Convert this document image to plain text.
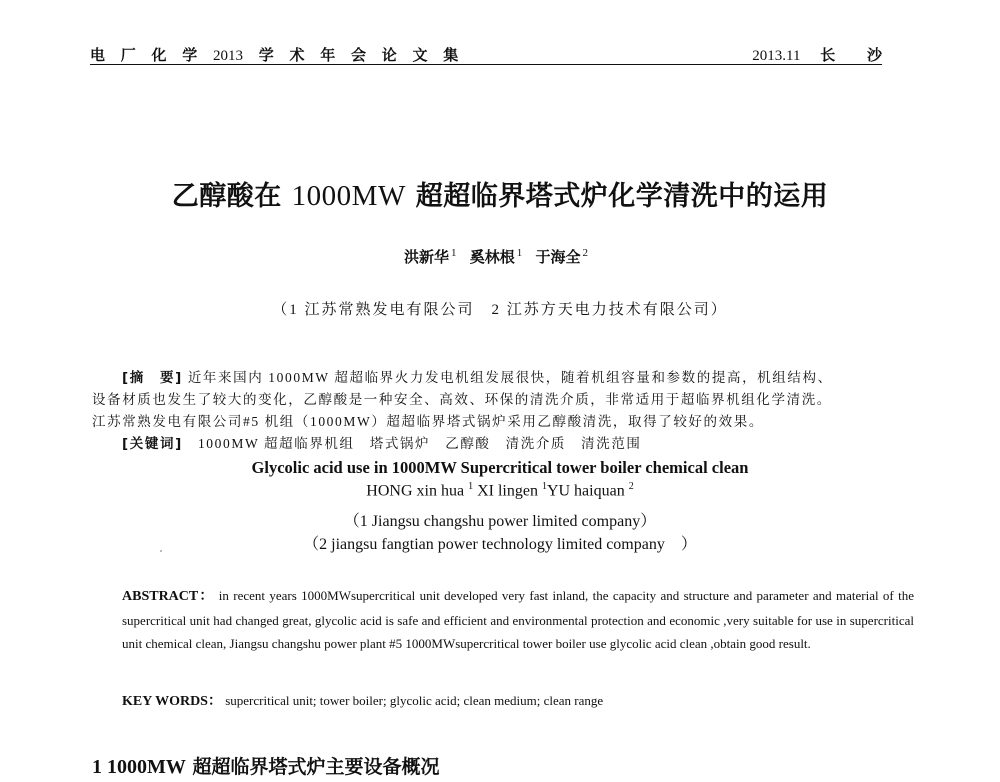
电 厂 化 学 2013 学 术 年 会 论 文 集	2013.11 长 沙
乙醇酸在 1000MW 超超临界塔式炉化学清洗中的运用
洪新华 $^1$ 奚林根 $^1$ 于海全 $^2$
（1 江苏常熟发电有限公司　2 江苏方天电力技术有限公司）

[摘　要] 近年来国内 1000MW 超超临界火力发电机组发展很快，随着机组容量和参数的提高，机组结构、

设备材质也发生了较大的变化，乙醇酸是一种安全、高效、环保的清洗介质，非常适用于超临界机组化学清洗。

江苏常熟发电有限公司#5 机组（1000MW）超超临界塔式锅炉采用乙醇酸清洗，取得了较好的效果。

[关键词]　1000MW 超超临界机组　塔式锅炉　乙醇酸　清洗介质　清洗范围

Glycolic acid use in 1000MW Supercritical tower boiler chemical clean
HONG xin hua $^1$ XI lingen $^1$YU haiquan $^2$
（1 Jiangsu changshu power limited company）
（2 jiangsu fangtian power technology limited company　）
ABSTRACT： in recent years 1000MWsupercritical unit developed very fast inland, the capacity and structure and parameter and material of the supercritical unit had changed great, glycolic acid is safe and efficient and environmental protection and economic ,very suitable for use in supercritical unit chemical clean, Jiangsu changshu power plant #5 1000MWsupercritical tower boiler use glycolic acid clean ,obtain good result.
KEY WORDS： supercritical unit; tower boiler; glycolic acid; clean medium; clean range
1 1000MW 超超临界塔式炉主要设备概况
